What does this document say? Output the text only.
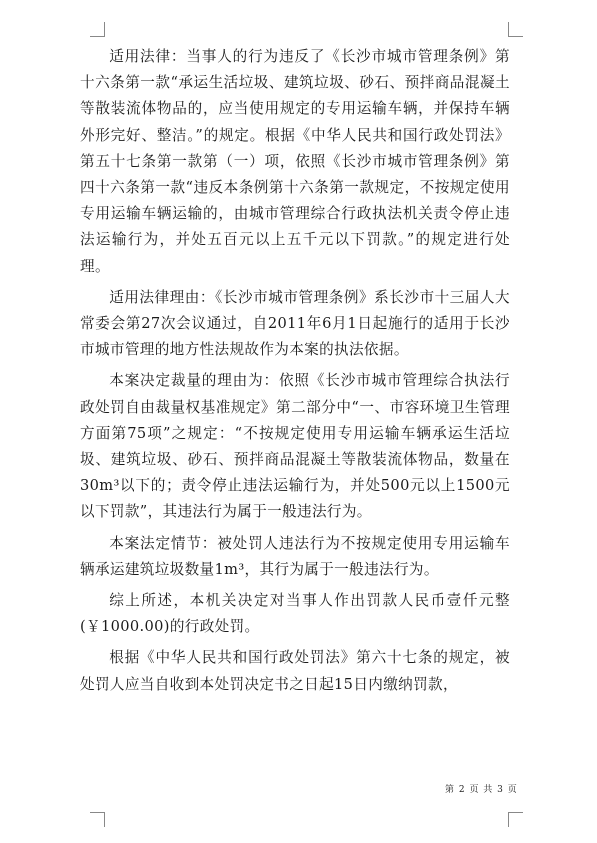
适用法律：当事人的行为违反了《长沙市城市管理条例》第十六条第一款“承运生活垃圾、建筑垃圾、砂石、预拌商品混凝土等散装流体物品的，应当使用规定的专用运输车辆，并保持车辆外形完好、整洁。”的规定。根据《中华人民共和国行政处罚法》第五十七条第一款第（一）项，依照《长沙市城市管理条例》第四十六条第一款“违反本条例第十六条第一款规定，不按规定使用专用运输车辆运输的，由城市管理综合行政执法机关责令停止违法运输行为，并处五百元以上五千元以下罚款。”的规定进行处理。

适用法律理由：《长沙市城市管理条例》系长沙市十三届人大常委会第27次会议通过，自2011年6月1日起施行的适用于长沙市城市管理的地方性法规故作为本案的执法依据。

本案决定裁量的理由为：依照《长沙市城市管理综合执法行政处罚自由裁量权基准规定》第二部分中“一、市容环境卫生管理方面第75项”之规定：“不按规定使用专用运输车辆承运生活垃圾、建筑垃圾、砂石、预拌商品混凝土等散装流体物品，数量在30m³以下的；责令停止违法运输行为，并处500元以上1500元以下罚款”，其违法行为属于一般违法行为。

本案法定情节：被处罚人违法行为不按规定使用专用运输车辆承运建筑垃圾数量1m³，其行为属于一般违法行为。

综上所述，本机关决定对当事人作出罚款人民币壹仟元整(￥1000.00)的行政处罚。

根据《中华人民共和国行政处罚法》第六十七条的规定，被处罚人应当自收到本处罚决定书之日起15日内缴纳罚款，

第 2 页 共 3 页
